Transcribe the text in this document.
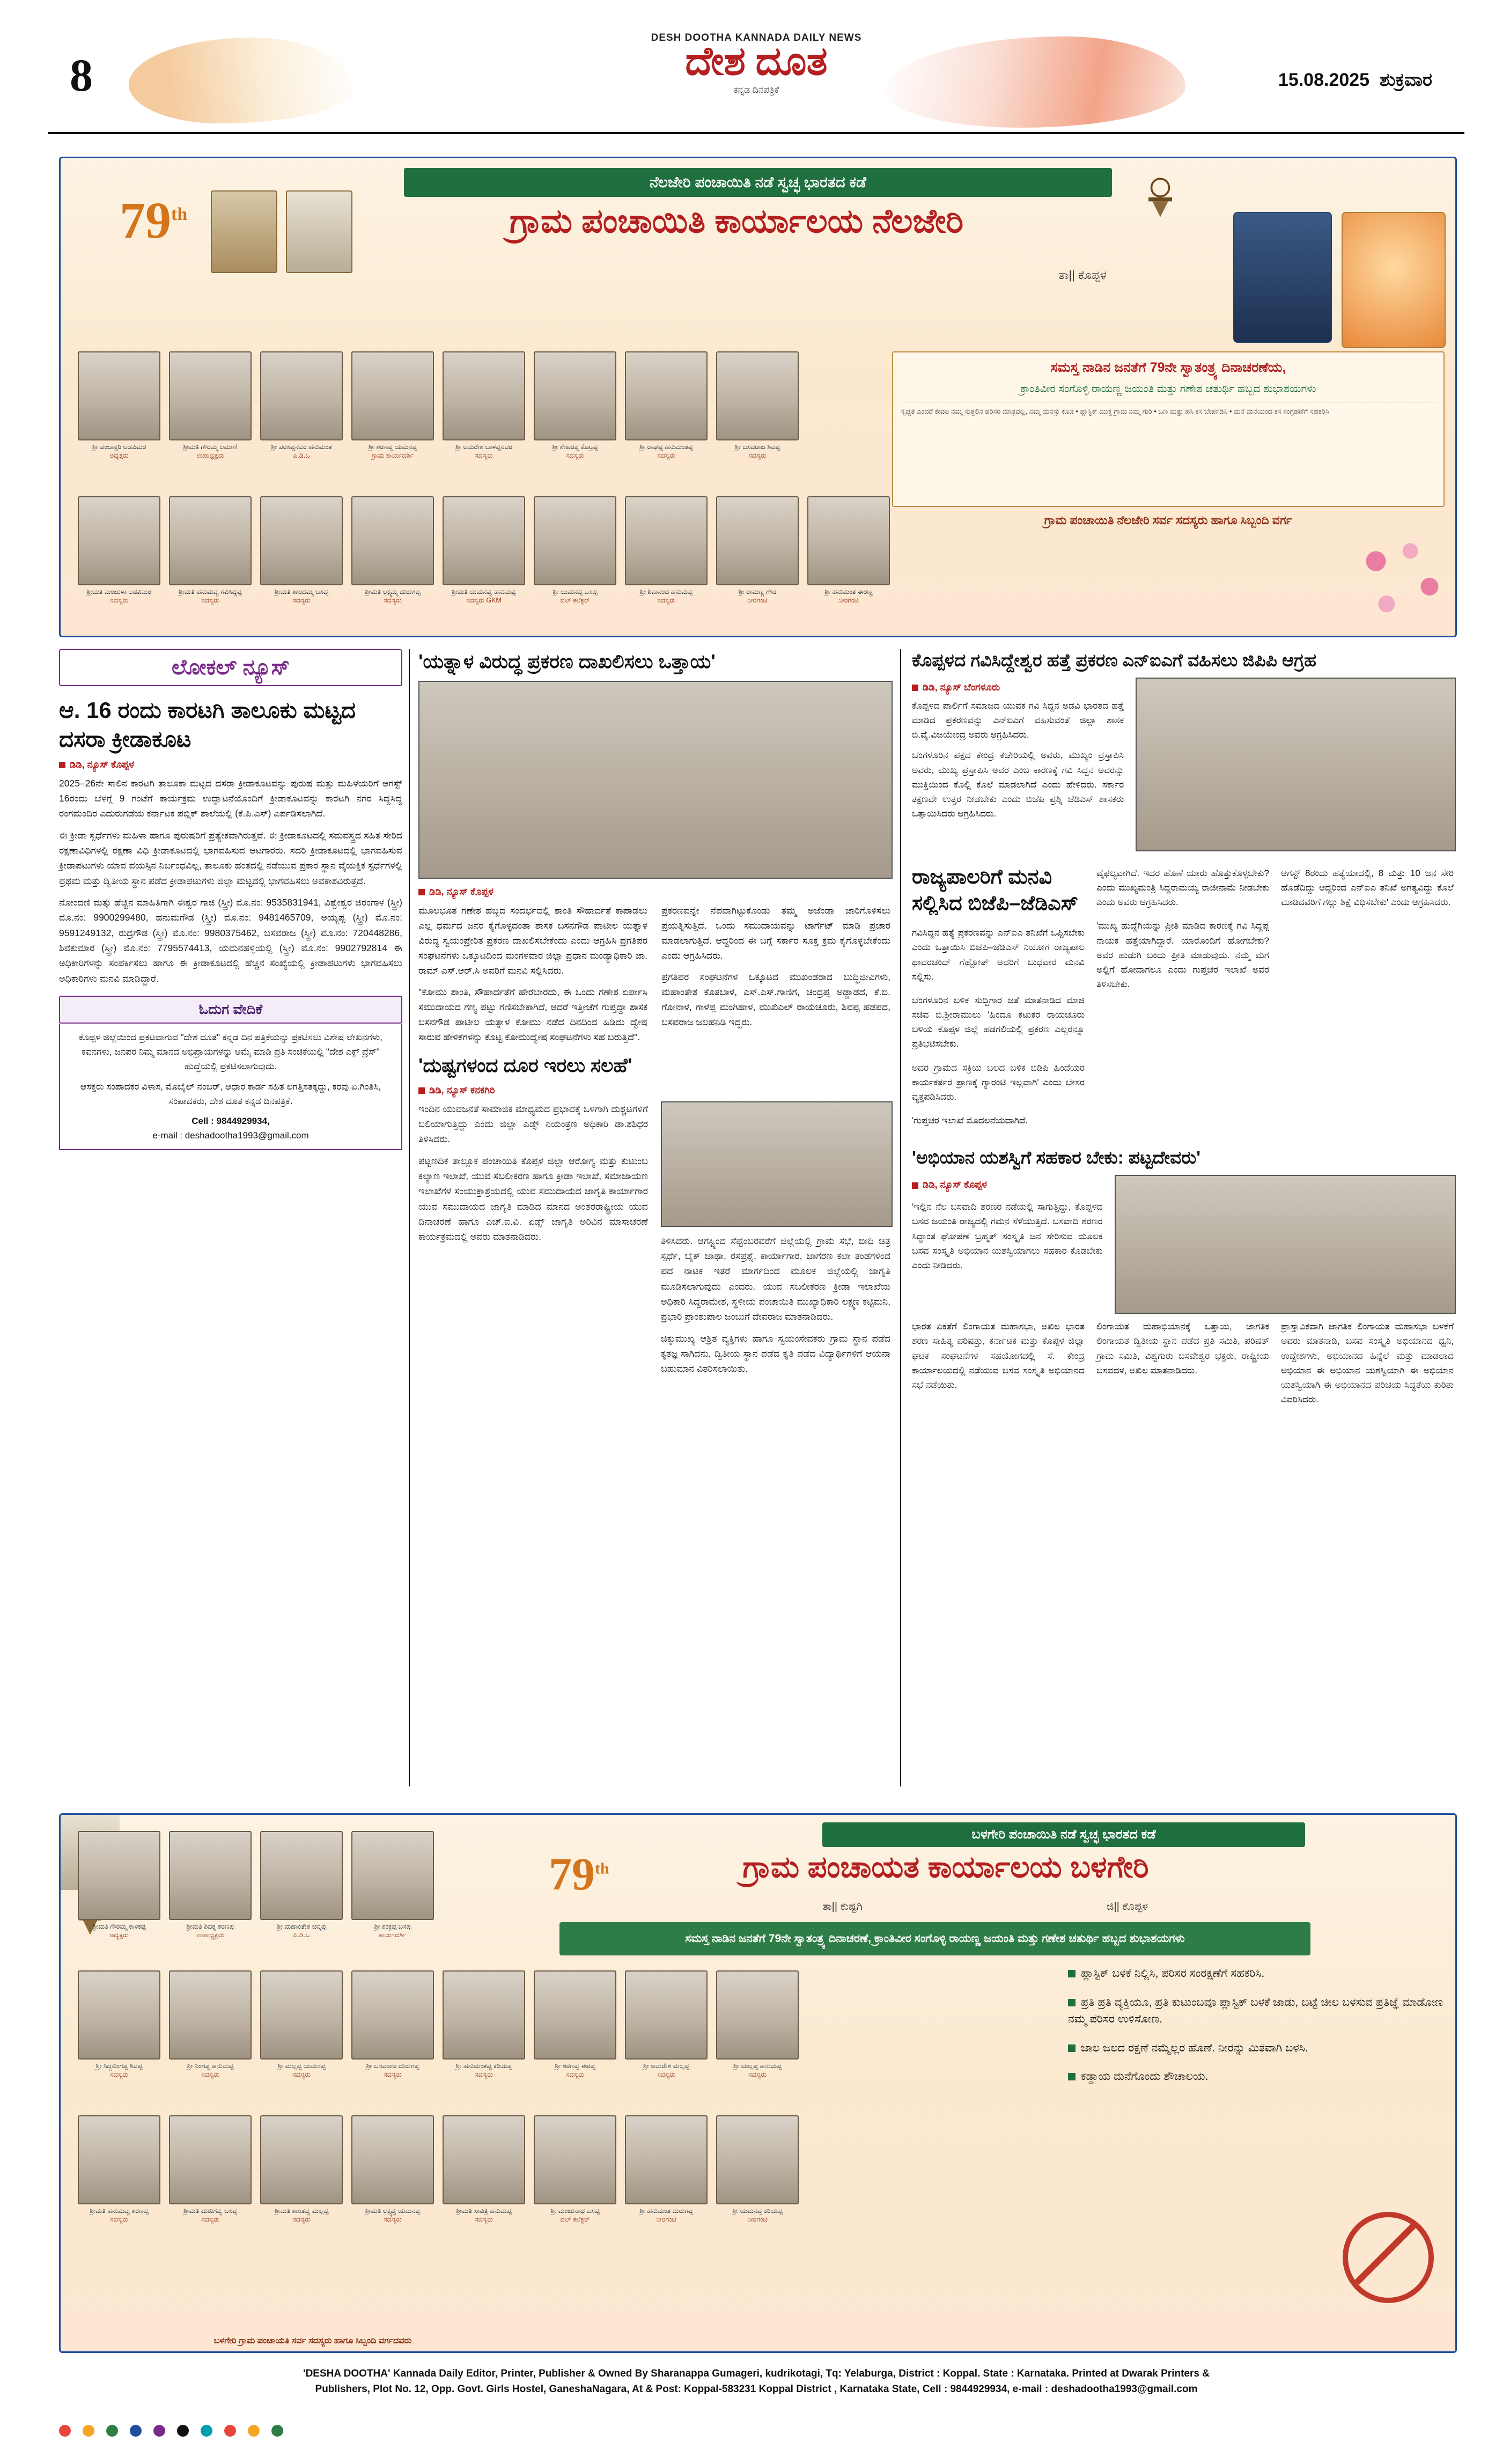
DESH DOOTHA KANNADA DAILY NEWS
8	ದೇಶ ದೂತ
ಕನ್ನಡ ದಿನಪತ್ರಿಕೆ	15.08.2025 ಶುಕ್ರವಾರ
ನೆಲಜೇರಿ ಪಂಚಾಯಿತಿ ನಡೆ ಸ್ವಚ್ಛ ಭಾರತದ ಕಡೆ
79th	ಗ್ರಾಮ ಪಂಚಾಯಿತಿ ಕಾರ್ಯಾಲಯ ನೆಲಜೇರಿ
ತಾ|| ಕೊಪ್ಪಳ
ಸಮಸ್ತ ನಾಡಿನ ಜನತೆಗೆ 79ನೇ ಸ್ವಾತಂತ್ರ್ಯ ದಿನಾಚರಣೆಯ,
ಕ್ರಾಂತಿವೀರ ಸಂಗೊಳ್ಳಿ ರಾಯಣ್ಣ ಜಯಂತಿ ಮತ್ತು ಗಣೇಶ ಚತುರ್ಥಿ ಹಬ್ಬದ ಶುಭಾಶಯಗಳು
ಸ್ವಚ್ಛತೆ ಎಂದರೆ ಕೇವಲ ನಮ್ಮ ಸುತ್ತಲಿನ ಪರಿಸರ ಮಾತ್ರವಲ್ಲ, ನಮ್ಮ ಮನಸ್ಸು ಕೂಡ • ಪ್ಲಾಸ್ಟಿಕ್ ಮುಕ್ತ ಗ್ರಾಮ ನಮ್ಮ ಗುರಿ • ಒಣ ಮತ್ತು ಹಸಿ ಕಸ ಬೇರ್ಪಡಿಸಿ • ಮನೆ ಮನೆಯಿಂದ ಕಸ ಸಂಗ್ರಹಣೆಗೆ ಸಹಕರಿಸಿ
ಗ್ರಾಮ ಪಂಚಾಯಿತಿ ನೆಲಜೇರಿ ಸರ್ವ ಸದಸ್ಯರು ಹಾಗೂ ಸಿಬ್ಬಂದಿ ವರ್ಗ
ಶ್ರೀ ಪಂಚಾಕ್ಷರಿ ಅಡವಿಮಠ
ಅಧ್ಯಕ್ಷರು
ಶ್ರೀಮತಿ ಗೌರಮ್ಮ ಲಮಾಣಿ
ಉಪಾಧ್ಯಕ್ಷರು
ಶ್ರೀ ಪರಸಪ್ಪನವರ ಹನುಮಂತ
ಪಿ.ಡಿ.ಒ
ಶ್ರೀ ಶರಣಪ್ಪ ಯಮನಪ್ಪ
ಗ್ರಾಮ ಕಾರ್ಯದರ್ಶಿ
ಶ್ರೀ ಅಮರೇಶ ಬಾಳಪ್ಪನವರ
ಸದಸ್ಯರು
ಶ್ರೀ ಶೇಖರಪ್ಪ ಕೊಟ್ರಪ್ಪ
ಸದಸ್ಯರು
ಶ್ರೀ ರಾಘಪ್ಪ ಹನುಮಂತಪ್ಪ
ಸದಸ್ಯರು
ಶ್ರೀ ಬಸವರಾಜ ಶಿವಪ್ಪ
ಸದಸ್ಯರು
ಶ್ರೀಮತಿ ಮಂಜುಳಾ ಅಡವಿಮಠ
ಸದಸ್ಯರು
ಶ್ರೀಮತಿ ಹನುಮವ್ವ ಗವಿಸಿದ್ದಪ್ಪ
ಸದಸ್ಯರು
ಶ್ರೀಮತಿ ಶಾರದಮ್ಮ ಬಸಪ್ಪ
ಸದಸ್ಯರು
ಶ್ರೀಮತಿ ಲಕ್ಷ್ಮಮ್ಮ ದುರುಗಪ್ಪ
ಸದಸ್ಯರು
ಶ್ರೀಮತಿ ಯಮನವ್ವ ಹನುಮಪ್ಪ
ಸದಸ್ಯರು GKM
ಶ್ರೀ ಯಮನಪ್ಪ ಬಸಪ್ಪ
ಬಿಲ್ ಕಲೆಕ್ಟರ್
ಶ್ರೀ ಶಿವಾನಂದ ಹನುಮಪ್ಪ
ಸದಸ್ಯರು
ಶ್ರೀ ರಾಮಣ್ಣ ಗೌಡ
ನೀರಗಂಟಿ
ಶ್ರೀ ಹನುಮಂತ ಈರಣ್ಣ
ನೀರಗಂಟಿ
ಲೋಕಲ್ ನ್ಯೂಸ್
ಆ. 16 ರಂದು ಕಾರಟಗಿ ತಾಲೂಕು ಮಟ್ಟದ ದಸರಾ ಕ್ರೀಡಾಕೂಟ
ಡಿಡಿ, ನ್ಯೂಸ್ ಕೊಪ್ಪಳ

2025–26ನೇ ಸಾಲಿನ ಕಾರಟಗಿ ತಾಲೂಕಾ ಮಟ್ಟದ ದಸರಾ ಕ್ರೀಡಾಕೂಟವನ್ನು ಪುರುಷ ಮತ್ತು ಮಹಿಳೆಯರಿಗೆ ಆಗಸ್ಟ್ 16ರಂದು ಬೆಳಗ್ಗೆ 9 ಗಂಟೆಗೆ ಕಾರ್ಯಕ್ರಮ ಉದ್ಘಾಟನೆಯೊಂದಿಗೆ ಕ್ರೀಡಾಕೂಟವನ್ನು ಕಾರಟಗಿ ನಗರ ಸಿದ್ದಸಿದ್ಧ ರಂಗಮಂದಿರ ಎದುರುಗಡೆಯ ಕರ್ನಾಟಕ ಪಬ್ಲಿಕ್ ಶಾಲೆಯಲ್ಲಿ (ಕೆ.ಪಿ.ಎಸ್) ಎರ್ಪಡಿಸಲಾಗಿದೆ.

ಈ ಕ್ರೀಡಾ ಸ್ಪರ್ಧೆಗಳು ಮಹಿಳಾ ಹಾಗೂ ಪುರುಷರಿಗೆ ಪ್ರತ್ಯೇಕವಾಗಿರುತ್ತವೆ. ಈ ಕ್ರೀಡಾಕೂಟದಲ್ಲಿ ಸಮವಸ್ತ್ರದ ಸಹಿತ ಸೇರಿದ ರಕ್ಷಣಾವಿಧಿಗಳಲ್ಲಿ ರಕ್ಷಣಾ ವಿಧಿ ಕ್ರೀಡಾಕೂಟದಲ್ಲಿ ಭಾಗವಹಿಸುವ ಆಟಗಾರರು. ಸದರಿ ಕ್ರೀಡಾಕೂಟದಲ್ಲಿ ಭಾಗವಹಿಸುವ ಕ್ರೀಡಾಪಟುಗಳು ಯಾವ ವಯಸ್ಸಿನ ನಿರ್ಬಂಧವಿಲ್ಲ, ತಾಲೂಕು ಹಂತದಲ್ಲಿ ನಡೆಯುವ ಪ್ರಕಾರ ಸ್ಥಾನ ವೈಯಕ್ತಿಕ ಸ್ಪರ್ಧೆಗಳಲ್ಲಿ ಪ್ರಥಮ ಮತ್ತು ದ್ವಿತೀಯ ಸ್ಥಾನ ಪಡೆದ ಕ್ರೀಡಾಪಟುಗಳು ಜಿಲ್ಲಾ ಮಟ್ಟದಲ್ಲಿ ಭಾಗವಹಿಸಲು ಅವಕಾಶವಿರುತ್ತದೆ.

ನೋಂದಣಿ ಮತ್ತು ಹೆಚ್ಚಿನ ಮಾಹಿತಿಗಾಗಿ ಈಶ್ವರ ಗಾಜಿ (ಸ್ತ್ರೀ) ಮೊ.ನಂ: 9535831941, ವಿಶ್ವೇಶ್ವರ ಜಿರಂಗಾಳ (ಸ್ತ್ರೀ) ಮೊ.ನಂ: 9900299480, ಹನುಮಗೌಡ (ಸ್ತ್ರೀ) ಮೊ.ನಂ: 9481465709, ಅಯ್ಯಪ್ಪ (ಸ್ತ್ರೀ) ಮೊ.ನಂ: 9591249132, ರುದ್ರಗೌಡ (ಸ್ತ್ರೀ) ಮೊ.ನಂ: 9980375462, ಬಸವರಾಜ (ಸ್ತ್ರೀ) ಮೊ.ನಂ: 720448286, ಶಿವಕುಮಾರ (ಸ್ತ್ರೀ) ಮೊ.ನಂ: 7795574413, ಯಮನಹಳ್ಳಿಯಲ್ಲಿ (ಸ್ತ್ರೀ) ಮೊ.ನಂ: 9902792814 ಈ ಅಧಿಕಾರಿಗಳನ್ನು ಸಂಪರ್ಕಿಸಲು ಹಾಗೂ ಈ ಕ್ರೀಡಾಕೂಟದಲ್ಲಿ ಹೆಚ್ಚಿನ ಸಂಖ್ಯೆಯಲ್ಲಿ ಕ್ರೀಡಾಪಟುಗಳು ಭಾಗವಹಿಸಲು ಅಧಿಕಾರಿಗಳು ಮನವಿ ಮಾಡಿದ್ದಾರೆ.

ಓದುಗ ವೇದಿಕೆ
ಕೊಪ್ಪಳ ಜಿಲ್ಲೆಯಿಂದ ಪ್ರಕಟವಾಗುವ "ದೇಶ ದೂತ" ಕನ್ನಡ ದಿನ ಪತ್ರಿಕೆಯನ್ನು ಪ್ರಕಟಿಸಲು ವಿಶೇಷ ಲೇಖನಗಳು, ಕವನಗಳು, ಜನಪರ ನಿಮ್ಮ ಮಾನದ ಅಭಿಪ್ರಾಯಗಳನ್ನು ಆಮೈ ಮಾಡಿ ಪ್ರತಿ ಸಂಚಿಕೆಯಲ್ಲಿ "ದೇಶ ಎಕ್ಸ್ ಪ್ರೆಸ್" ಹುದ್ದೆಯಲ್ಲಿ ಪ್ರಕಟಿಸಲಾಗುವುದು.
ಆಸಕ್ತರು ಸಂಪಾದಕರ ವಿಳಾಸ, ಮೊಬೈಲ್ ನಂಬರ್, ಆಧಾರ ಕಾರ್ಡ ಸಹಿತ ಲಗತ್ತಿಸತಕ್ಕದ್ದು, ಕರವು ಏ.ಗಿಂತಿಸಿ, ಸಂಪಾದಕರು, ದೇಶ ದೂತ ಕನ್ನಡ ದಿನಪತ್ರಿಕೆ.
Cell : 9844929934,
e-mail : deshadootha1993@gmail.com
'ಯತ್ನಾಳ ವಿರುದ್ಧ ಪ್ರಕರಣ ದಾಖಲಿಸಲು ಒತ್ತಾಯ'
ಡಿಡಿ, ನ್ಯೂಸ್ ಕೊಪ್ಪಳ

ಮೂಲಭೂತ ಗಣೇಶ ಹಬ್ಬದ ಸಂದರ್ಭದಲ್ಲಿ ಶಾಂತಿ ಸೌಹಾರ್ದತೆ ಕಾಪಾಡಲು ಎಲ್ಲ ಧರ್ಮದ ಜನರ ಕೈಗೊಳ್ಳದಂತಾ ಶಾಸಕ ಬಸನಗೌಡ ಪಾಟೀಲ ಯತ್ನಾಳ ವಿರುದ್ಧ ಸ್ವಯಂಪ್ರೇರಿತ ಪ್ರಕರಣ ದಾಖಲಿಸಬೇಕೆಂದು ಎಂದು ಆಗ್ರಹಿಸಿ ಪ್ರಗತಿಪರ ಸಂಘಟನೆಗಳು ಒಕ್ಕೂಟದಿಂದ ಮಂಗಳವಾರ ಜಿಲ್ಲಾ ಪ್ರಧಾನ ಮಂಡ್ಯಾಧಿಕಾರಿ ಜಾ. ರಾಮ್ ಎಸ್.ಆರ್.ಸಿ ಅವರಿಗೆ ಮನವಿ ಸಲ್ಲಿಸಿದರು.

"ಕೋಮು ಶಾಂತಿ, ಸೌಹಾರ್ದತೆಗೆ ಹೇರಬಾರದು, ಈ ಒಂದು ಗಣೇಶ ಏರ್ಪಾಸಿ ಸಮುದಾಯದ ಗಣ್ಯ ಪಟ್ಟು ಗಣಿಸಬೇಕಾಗಿದೆ, ಆದರೆ ಇತ್ತೀಚೆಗೆ ಗುಪ್ತದ್ದಾ ಶಾಸಕ ಬಸನಗೌಡ ಪಾಟೀಲ ಯತ್ನಾಳ ಕೋಮು ನಡೆದ ದಿನದಿಂದ ಹಿಡಿದು ದ್ವೇಷ ಸಾರುವ ಹೇಳಿಕೆಗಳನ್ನು ಕೊಟ್ಟ ಕೋಮುದ್ವೇಷ ಸಂಘಟನೆಗಳು ಸಹ ಬರುತ್ತಿದೆ".

ಪ್ರಕರಣವನ್ನೇ ನೆಪವಾಗಿಟ್ಟುಕೊಂಡು ತಮ್ಮ ಅಜೆಂಡಾ ಜಾರಿಗೊಳಿಸಲು ಪ್ರಯತ್ನಿಸುತ್ತಿದೆ. ಒಂದು ಸಮುದಾಯವನ್ನು ಟಾರ್ಗೆಟ್ ಮಾಡಿ ಪ್ರಚಾರ ಮಾಡಲಾಗುತ್ತಿದೆ. ಆದ್ದರಿಂದ ಈ ಬಗ್ಗೆ ಸರ್ಕಾರ ಸೂಕ್ತ ಕ್ರಮ ಕೈಗೊಳ್ಳಬೇಕೆಂದು ಎಂದು ಆಗ್ರಹಿಸಿದರು.

ಪ್ರಗತಿಪರ ಸಂಘಟನೆಗಳ ಒಕ್ಕೂಟದ ಮುಖಂಡರಾದ ಬುದ್ಧಿಜೀವಿಗಳು, ಮಹಾಂತೇಶ ಕೊತಬಾಳ, ಎಸ್.ಎಸ್.ಗಾಣಿಗ, ಚಂದ್ರಪ್ಪ ಅಡ್ಡಾಡದ, ಕೆ.ಬಿ. ಗೋನಾಳ, ಗಾಳೆಪ್ಪ ಮಂಗಿಹಾಳ, ಮುಖಿಎಲ್ ರಾಯಚೂರು, ಶಿವಪ್ಪ ಹಡಪದ, ಬಸವರಾಜ ಜಲಹನಿಡಿ ಇದ್ದರು.

'ದುಷ್ಟಗಳಂದ ದೂರ ಇರಲು ಸಲಹೆ'
ಡಿಡಿ, ನ್ಯೂಸ್ ಕನಕಗಿರಿ

ಇಂದಿನ ಯುವಜನತೆ ಸಾಮಾಜಿಕ ಮಾಧ್ಯಮದ ಪ್ರಭಾವಕ್ಕೆ ಒಳಗಾಗಿ ದುಶ್ಚಟಗಳಿಗೆ ಬಲಿಯಾಗುತ್ತಿದ್ದು ಎಂದು ಜಿಲ್ಲಾ ಎಡ್ಸ್ ನಿಯಂತ್ರಣ ಅಧಿಕಾರಿ ಡಾ.ಶಶಿಧರ ತಿಳಿಸಿದರು.

ಪಟ್ಟಣದಿಕ ತಾಲ್ಲೂಕ ಪಂಚಾಯಿತಿ ಕೊಪ್ಪಳ ಜಿಲ್ಲಾ ಆರೋಗ್ಯ ಮತ್ತು ಕುಟುಂಬ ಕಲ್ಯಾಣ ಇಲಾಖೆ, ಯುವ ಸಬಲೀಕರಣ ಹಾಗೂ ಕ್ರೀಡಾ ಇಲಾಖೆ, ಸಮಾಜಾಯಣ ಇಲಾಖೆಗಳ ಸಂಯುಕ್ತಾಶ್ರಯದಲ್ಲಿ ಯುವ ಸಮುದಾಯದ ಜಾಗೃತಿ ಕಾರ್ಯಾಗಾರ ಯುವ ಸಮುದಾಯದ ಜಾಗೃತಿ ಮಾಡಿದ ಮಾನದ ಅಂತರರಾಷ್ಟ್ರೀಯ ಯುವ ದಿನಾಚರಣೆ ಹಾಗೂ ಎಚ್.ಐ.ವಿ. ಏಡ್ಸ್ ಜಾಗೃತಿ ಅರಿವಿನ ಮಾಸಾಚರಣೆ ಕಾರ್ಯಕ್ರಮದಲ್ಲಿ ಅವರು ಮಾತನಾಡಿದರು.	ತಿಳಿಸಿದರು. ಆಗಸ್ಟ್ನಿಂದ ಸೆಪ್ಟೆಂಬರವರೆಗೆ ಜಿಲ್ಲೆಯಲ್ಲಿ ಗ್ರಾಮ ಸಭೆ, ಬೀದಿ ಚಿತ್ರ ಸ್ಪರ್ಧೆ, ಬೈಕ್ ಜಾಥಾ, ರಸಪ್ರಶ್ನೆ, ಕಾರ್ಯಾಗಾರ, ಜಾಗರಣ ಕಲಾ ತಂಡಗಳಿಂದ ಪದ ನಾಟಕ ಇತರೆ ಮಾರ್ಗದಿಂದ ಮೂಲಕ ಜಿಲ್ಲೆಯಲ್ಲಿ ಜಾಗೃತಿ ಮೂಡಿಸಲಾಗುವುದು ಎಂದರು. ಯುವ ಸಬಲೀಕರಣ ಕ್ರೀಡಾ ಇಲಾಖೆಯ ಅಧಿಕಾರಿ ಸಿದ್ದರಾಮೇಶ, ಸ್ಥಳೀಯ ಪಂಚಾಯಿತಿ ಮುಖ್ಯಾಧಿಕಾರಿ ಲಕ್ಷ್ಮಣ ಕಟ್ಟಿಮನಿ, ಪ್ರಭಾರಿ ಪ್ರಾಂಶುಪಾಲ ಜಂಬುಗೆ ದೇವರಾಜ ಮಾತನಾಡಿದರು.

ಚಿಕ್ಕುಮುಖ್ಯ ಆಶ್ರಿತ ವ್ಯಕ್ತಿಗಳು ಹಾಗೂ ಸ್ವಯಂಸೇವಕರು ಗ್ರಾಮ ಸ್ಥಾನ ಪಡೆದ ಕೃತಜ್ಞ ಸಾಗಿದನು, ದ್ವಿತೀಯ ಸ್ಥಾನ ಪಡೆದ ಕೃತಿ ಪಡೆದ ವಿದ್ಯಾರ್ಥಿಗಳಿಗೆ ಆಯನಾ ಬಹುಮಾನ ವಿತರಿಸಲಾಯಿತು.

ಕೊಪ್ಪಳದ ಗವಿಸಿದ್ದೇಶ್ವರ ಹತ್ತೆ ಪ್ರಕರಣ ಎನ್ಐಎಗೆ ವಹಿಸಲು ಜಿಪಿಪಿ ಆಗ್ರಹ
ಡಿಡಿ, ನ್ಯೂಸ್ ಬೆಂಗಳೂರು

ಕೊಪ್ಪಳದ ಪಾರ್ಲಿಗೆ ಸಮಾಜದ ಯುವಕ ಗವಿ ಸಿದ್ದನ ಅಡವಿ ಭಾರತದ ಹತ್ತೆ ಮಾಡಿದ ಪ್ರಕರಣವನ್ನು ಎನ್ಐಎಗೆ ವಹಿಸುವಂತೆ ಜಿಲ್ಲಾ ಶಾಸಕ ಬಿ.ವೈ.ವಿಜಯೇಂದ್ರ ಅವರು ಆಗ್ರಹಿಸಿದರು.

ಬೆಂಗಳೂರಿನ ಪಕ್ಷದ ಕೇಂದ್ರ ಕಚೇರಿಯಲ್ಲಿ ಅವರು, ಮುಖ್ಯಂ ಪ್ರಸ್ತಾಪಿಸಿ ಅವರು, ಮುಖ್ಯ ಪ್ರಸ್ತಾಪಿಸಿ ಅವರ ಎಂಬ ಕಾರಣಕ್ಕೆ ಗವಿ ಸಿದ್ದನ ಅವರನ್ನು ಮುಕ್ತಿಯಿಂದ ಕೊಲ್ಲಿ ಕೊಲೆ ಮಾಡಲಾಗಿದೆ ಎಂದು ಹೇಳಿದರು. ಸರ್ಕಾರ ತಕ್ಷಣವೇ ಉತ್ತರ ನೀಡಬೇಕು ಎಂದು ಬಿಜೆಪಿ ಪ್ರಶ್ನಿ ಜೆಡಿಎಸ್ ಶಾಸಕರು ಒತ್ತಾಯಿಸಿದರು ಆಗ್ರಹಿಸಿದರು.

ರಾಜ್ಯಪಾಲರಿಗೆ ಮನವಿ ಸಲ್ಲಿಸಿದ ಬಿಜೆಪಿ–ಜೆಡಿಎಸ್

ಗವಿಸಿದ್ದನ ಹತ್ಯೆ ಪ್ರಕರಣವನ್ನು ಎನ್ಐಎ ತನಿಖೆಗೆ ಒಪ್ಪಿಸಬೇಕು ಎಂದು ಒತ್ತಾಯಿಸಿ ಬಿಜೆಪಿ–ಜೆಡಿಎಸ್ ನಿಯೋಗ ರಾಜ್ಯಪಾಲ ಥಾವರಚಂದ್ ಗೆಹ್ಲೋತ್ ಅವರಿಗೆ ಬುಧವಾರ ಮನವಿ ಸಲ್ಲಿಸು.

ಬೆಂಗಳೂರಿನ ಬಳಿಕ ಸುದ್ದಿಗಾರ ಜತೆ ಮಾತನಾಡಿದ ಮಾಜಿ ಸಚಿವ ಬಿ.ಶ್ರೀರಾಮುಲು 'ಹಿಂದೂ ಕಟುಕರ ರಾಯಚೂರು ಬಳಿಯ ಕೊಪ್ಪಳ ಜಿಲ್ಲೆ ಹಡಗಲಿಯಲ್ಲಿ ಪ್ರಕರಣ ಎಲ್ಲರನ್ನೂ ಪ್ರತಿಭಟಿಸಬೇಕು.

ಅದರ ಗ್ರಾಮದ ಸಕ್ರಿಯ ಬಲದ ಬಳಿಕ ಬಿಡಿಪಿ ಹಿಂದೆಯರ ಕಾರ್ಯಕರ್ತರ ಪ್ರಾಣಕ್ಕೆ ಗ್ಯಾರಂಟಿ ಇಲ್ಲವಾಗಿ' ಎಂದು ಬೇಸರ ವ್ಯಕ್ತಪಡಿಸಿದರು.

'ಗುಪ್ತಚರ ಇಲಾಖೆ ಮೊದಲನೆಯದಾಗಿದೆ.

ವೈಫಲ್ಯವಾಗಿದೆ. ಇದರ ಹೊಣೆ ಯಾರು ಹೊತ್ತುಕೊಳ್ಳಬೇಕು? ಎಂದು ಮುಖ್ಯಮಂತ್ರಿ ಸಿದ್ದರಾಮಯ್ಯ ರಾಜೀನಾಮೆ ನೀಡಬೇಕು ಎಂದು ಅವರು ಆಗ್ರಹಿಸಿದರು.

'ಮುಖ್ಯ ಹುದ್ದೆಗಿಯನ್ನು ಪ್ರೀತಿ ಮಾಡಿದ ಕಾರಣಕ್ಕೆ ಗವಿ ಸಿದ್ದಪ್ಪ ನಾಯಕ ಹತ್ತೆಯಾಗಿದ್ದಾರೆ. ಯಾರೊಂದಿಗೆ ಹೋಗಬೇಕು? ಅವರ ಹುಡುಗಿ ಬಂದು ಪ್ರೀತಿ ಮಾಡುವುದು. ನಮ್ಮ ಮಗ ಅಲ್ಲಿಗೆ ಹೋದಾಗಲೂ ಎಂದು ಗುಪ್ತಚರ ಇಲಾಖೆ ಅವರ ತಿಳಿಸಬೇಕು.

ಆಗಸ್ಟ್ 8ರಂದು ಹತ್ಯೆಯಾದಲ್ಲಿ, 8 ಮತ್ತು 10 ಜನ ಸೇರಿ ಹೊಡೆದಿದ್ದು ಆದ್ದರಿಂದ ಎನ್ಐಎ ತನಿಖೆ ಅಗತ್ಯವಿದ್ದು ಕೊಲೆ ಮಾಡಿದವರಿಗೆ ಗಲ್ಲು ಶಿಕ್ಷೆ ವಿಧಿಸಬೇಕು' ಎಂದು ಆಗ್ರಹಿಸಿದರು.

'ಅಭಿಯಾನ ಯಶಸ್ವಿಗೆ ಸಹಕಾರ ಬೇಕು: ಪಟ್ಟದೇವರು'
ಡಿಡಿ, ನ್ಯೂಸ್ ಕೊಪ್ಪಳ

'ಇಲ್ಲಿನ ನೆಲ ಬಸವಾದಿ ಶರಣರ ನಡೆಯಲ್ಲಿ ಸಾಗುತ್ತಿದ್ದು, ಕೊಪ್ಪಳದ ಬಸವ ಜಯಂತಿ ರಾಜ್ಯದಲ್ಲಿ ಗಮನ ಸೆಳೆಯುತ್ತಿದೆ. ಬಸವಾದಿ ಶರಣರ ಸಿದ್ಧಾಂತ ಘೋಷಣೆ ಬ್ರಹ್ಮತ್ ಸಂಸ್ಕೃತಿ ಜನ ಸೇರಿಸುವ ಮೂಲಕ ಬಸವ ಸಂಸ್ಕೃತಿ ಅಭಿಯಾನ ಯಶಸ್ವಿಯಾಗಲು ಸಹಕಾರ ಕೊಡಬೇಕು ಎಂದು ನೀಡಿದರು.

ಭಾರತ ಏಕತೆಗೆ ಲಿಂಗಾಯತ ಮಹಾಸಭಾ, ಅಖಿಲ ಭಾರತ ಶರಣ ಸಾಹಿತ್ಯ ಪರಿಷತ್ತು, ಕರ್ನಾಟಕ ಮತ್ತು ಕೊಪ್ಪಳ ಜಿಲ್ಲಾ ಘಟಕ ಸಂಘಟನೆಗಳ ಸಹಯೋಗದಲ್ಲಿ ಸೆ. ಕೇಂದ್ರ ಕಾರ್ಯಾಲಯದಲ್ಲಿ ನಡೆಯುವ ಬಸವ ಸಂಸ್ಕೃತಿ ಅಭಿಯಾನದ ಸಭೆ ನಡೆಯಿತು.

ಲಿಂಗಾಯತ ಮಹಾಭಿಯಾನಕ್ಕೆ ಒತ್ತಾಯ, ಜಾಗತಿಕ ಲಿಂಗಾಯತ ದ್ವಿತೀಯ ಸ್ಥಾನ ಪಡೆದ ಪ್ರತಿ ಸಮಿತಿ, ಪರಿಷತ್ ಗ್ರಾಮ ಸಮಿತಿ, ವಿಶ್ವಗುರು ಬಸವೇಶ್ವರ ಭಕ್ತರು, ರಾಷ್ಟ್ರೀಯ ಬಸವದಳ, ಅಖಿಲ ಮಾತನಾಡಿದರು.

ಪ್ರಾಸ್ತಾವಿಕವಾಗಿ ಜಾಗತಿಕ ಲಿಂಗಾಯತ ಮಹಾಸಭಾ ಬಳಕೆಗೆ ಅವರು ಮಾತನಾಡಿ, ಬಸವ ಸಂಸ್ಕೃತಿ ಅಭಿಯಾನದ ಧ್ವನಿ, ಉದ್ದೇಶಗಳು, ಅಭಿಯಾನದ ಹಿನ್ನೆಲೆ ಮತ್ತು ಮಾಡಲಾದ ಅಭಿಯಾನ ಈ ಅಭಿಯಾನ ಯಶಸ್ವಿಯಾಗಿ ಈ ಅಭಿಯಾನ ಯಶಸ್ವಿಯಾಗಿ ಈ ಅಭಿಯಾನದ ಪರಿಚಯ ಸಿದ್ಧತೆಯ ಕುರಿತು ವಿವರಿಸಿದರು.

ಬಳಗೇರಿ ಪಂಚಾಯಿತಿ ನಡೆ ಸ್ವಚ್ಛ ಭಾರತದ ಕಡೆ
79th	ಗ್ರಾಮ ಪಂಚಾಯತ ಕಾರ್ಯಾಲಯ ಬಳಗೇರಿ
ತಾ|| ಕುಷ್ಟಗಿ	ಜಿ|| ಕೊಪ್ಪಳ
ಸಮಸ್ತ ನಾಡಿನ ಜನತೆಗೆ 79ನೇ ಸ್ವಾತಂತ್ರ್ಯ ದಿನಾಚರಣೆ, ಕ್ರಾಂತಿವೀರ ಸಂಗೊಳ್ಳಿ ರಾಯಣ್ಣ ಜಯಂತಿ ಮತ್ತು ಗಣೇಶ ಚತುರ್ಥಿ ಹಬ್ಬದ ಶುಭಾಶಯಗಳು
ಪ್ಲಾಸ್ಟಿಕ್ ಬಳಕೆ ನಿಲ್ಲಿಸಿ, ಪರಿಸರ ಸಂರಕ್ಷಣೆಗೆ ಸಹಕರಿಸಿ.
ಪ್ರತಿ ಪ್ರತಿ ವ್ಯಕ್ತಿಯೂ, ಪ್ರತಿ ಕುಟುಂಬವೂ ಪ್ಲಾಸ್ಟಿಕ್ ಬಳಕೆ ಜಾಡು, ಬಟ್ಟೆ ಚೀಲ ಬಳಸುವ ಪ್ರತಿಜ್ಞೆ ಮಾಡೋಣ ನಮ್ಮ ಪರಿಸರ ಉಳಿಸೋಣ.
ಜಾಲ ಜಲದ ರಕ್ಷಣೆ ನಮ್ಮೆಲ್ಲರ ಹೊಣೆ. ನೀರನ್ನು ಮಿತವಾಗಿ ಬಳಸಿ.
ಕಡ್ಡಾಯ ಮನೆಗೊಂದು ಶೌಚಾಲಯ.
ಶ್ರೀಮತಿ ಗೌರಮ್ಮ ಕಾಳಕಪ್ಪ
ಅಧ್ಯಕ್ಷರು
ಶ್ರೀಮತಿ ಶಿವಕ್ಕ ಶರಣಪ್ಪ
ಉಪಾಧ್ಯಕ್ಷರು
ಶ್ರೀ ಮಹಾಂತೇಶ ಚನ್ನಪ್ಪ
ಪಿ.ಡಿ.ಒ
ಶ್ರೀ ಶಂಕ್ರಪ್ಪ ಬಸಪ್ಪ
ಕಾರ್ಯದರ್ಶಿ
ಶ್ರೀ ಸಿದ್ದಲಿಂಗಪ್ಪ ಶಿವಪ್ಪ
ಸದಸ್ಯರು
ಶ್ರೀ ನಿಂಗಪ್ಪ ಹನುಮಪ್ಪ
ಸದಸ್ಯರು
ಶ್ರೀ ಮಲ್ಲಪ್ಪ ಯಮನಪ್ಪ
ಸದಸ್ಯರು
ಶ್ರೀ ಬಸವರಾಜ ದುರುಗಪ್ಪ
ಸದಸ್ಯರು
ಶ್ರೀ ಹನುಮಂತಪ್ಪ ಕರಿಯಪ್ಪ
ಸದಸ್ಯರು
ಶ್ರೀ ಶರಣಪ್ಪ ಈರಪ್ಪ
ಸದಸ್ಯರು
ಶ್ರೀ ಅಮರೇಶ ಮಲ್ಲಪ್ಪ
ಸದಸ್ಯರು
ಶ್ರೀ ಯಲ್ಲಪ್ಪ ಹನುಮಪ್ಪ
ಸದಸ್ಯರು
ಶ್ರೀಮತಿ ಹನುಮವ್ವ ಶರಣಪ್ಪ
ಸದಸ್ಯರು
ಶ್ರೀಮತಿ ದುರುಗವ್ವ ಬಸಪ್ಪ
ಸದಸ್ಯರು
ಶ್ರೀಮತಿ ಶಾಂತವ್ವ ಮಲ್ಲಪ್ಪ
ಸದಸ್ಯರು
ಶ್ರೀಮತಿ ಲಕ್ಷ್ಮವ್ವ ಯಮನಪ್ಪ
ಸದಸ್ಯರು
ಶ್ರೀಮತಿ ಸಾವಿತ್ರಿ ಹನುಮಪ್ಪ
ಸದಸ್ಯರು
ಶ್ರೀ ಮಂಜುನಾಥ ಬಸಪ್ಪ
ಬಿಲ್ ಕಲೆಕ್ಟರ್
ಶ್ರೀ ಹನುಮಂತ ದುರುಗಪ್ಪ
ನೀರಗಂಟಿ
ಶ್ರೀ ಯಮನಪ್ಪ ಕರಿಯಪ್ಪ
ನೀರಗಂಟಿ
ಬಳಗೇರಿ ಗ್ರಾಮ ಪಂಚಾಯತಿ ಸರ್ವ ಸದಸ್ಯರು ಹಾಗೂ ಸಿಬ್ಬಂದಿ ವರ್ಗದವರು
'DESHA DOOTHA' Kannada Daily Editor, Printer, Publisher & Owned By Sharanappa Gumageri, kudrikotagi, Tq: Yelaburga, District : Koppal. State : Karnataka. Printed at Dwarak Printers &
Publishers, Plot No. 12, Opp. Govt. Girls Hostel, GaneshaNagara, At & Post: Koppal-583231 Koppal District , Karnataka State, Cell : 9844929934, e-mail : deshadootha1993@gmail.com
